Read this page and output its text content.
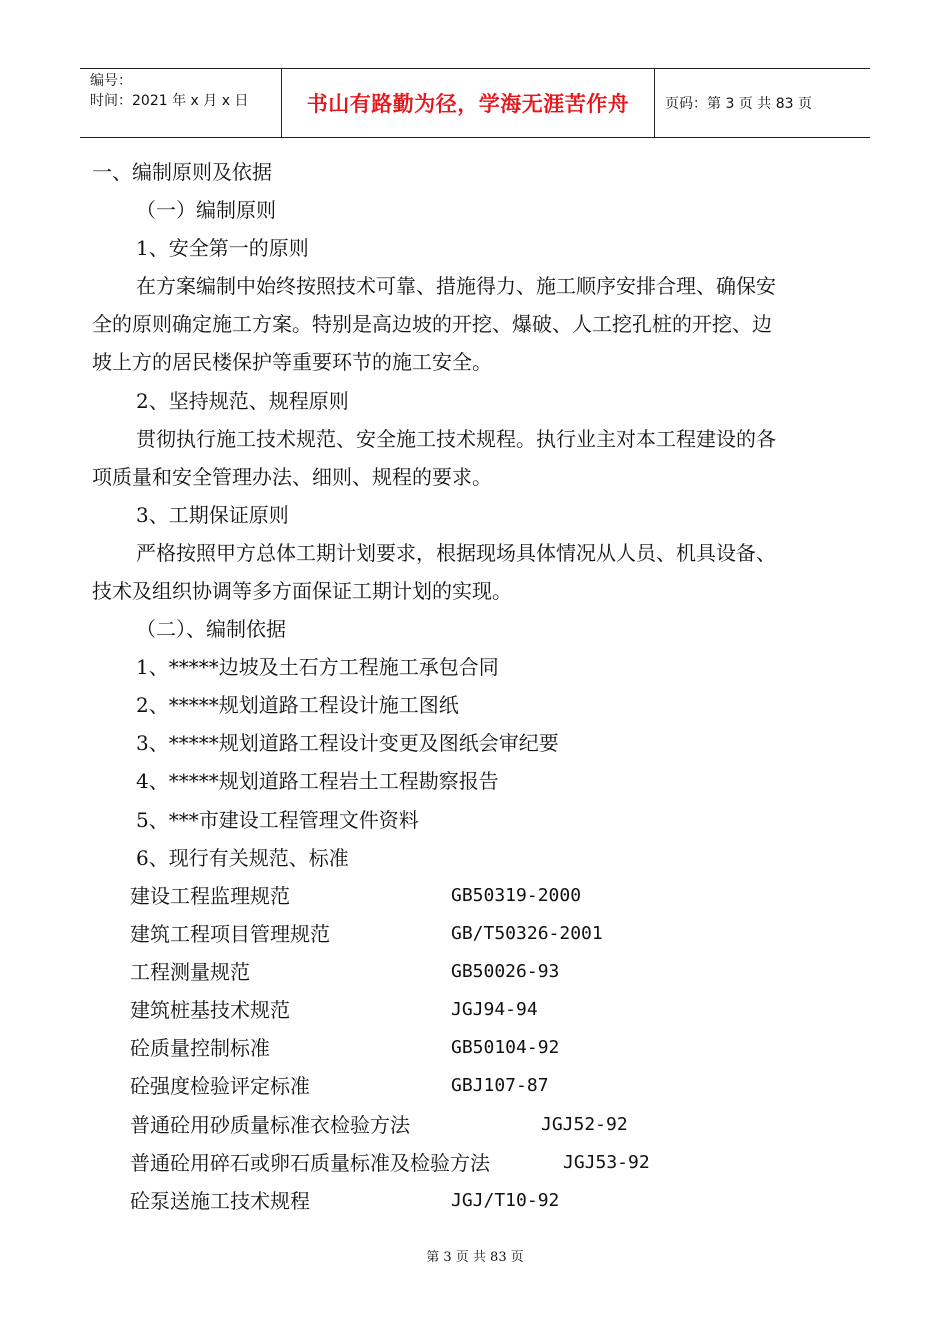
编号：
时间：2021 年 x 月 x 日	书山有路勤为径，学海无涯苦作舟	页码：第 3 页 共 83 页
一、编制原则及依据
（一）编制原则
1、安全第一的原则
在方案编制中始终按照技术可靠、措施得力、施工顺序安排合理、确保安
全的原则确定施工方案。特别是高边坡的开挖、爆破、人工挖孔桩的开挖、边
坡上方的居民楼保护等重要环节的施工安全。
2、坚持规范、规程原则
贯彻执行施工技术规范、安全施工技术规程。执行业主对本工程建设的各
项质量和安全管理办法、细则、规程的要求。
3、工期保证原则
严格按照甲方总体工期计划要求，根据现场具体情况从人员、机具设备、
技术及组织协调等多方面保证工期计划的实现。
（二）、编制依据
1、*****边坡及土石方工程施工承包合同
2、*****规划道路工程设计施工图纸
3、*****规划道路工程设计变更及图纸会审纪要
4、*****规划道路工程岩土工程勘察报告
5、***市建设工程管理文件资料
6、现行有关规范、标准
建设工程监理规范	GB50319-2000
建筑工程项目管理规范	GB/T50326-2001
工程测量规范	GB50026-93
建筑桩基技术规范	JGJ94-94
砼质量控制标准	GB50104-92
砼强度检验评定标准	GBJ107-87
普通砼用砂质量标准衣检验方法	JGJ52-92
普通砼用碎石或卵石质量标准及检验方法	JGJ53-92
砼泵送施工技术规程	JGJ/T10-92
第 3 页 共 83 页
